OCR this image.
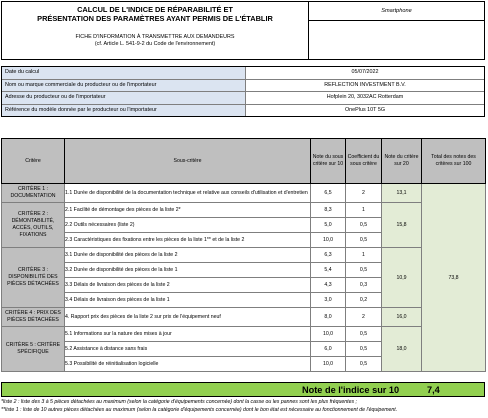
CALCUL DE L'INDICE DE RÉPARABILITÉ ET
PRÉSENTATION DES PARAMÈTRES AYANT PERMIS DE L'ÉTABLIR
FICHE D'INFORMATION À TRANSMETTRE AUX DEMANDEURS
(cf. Article L. 541-9-2 du Code de l'environnement)
Smartphone
Date du calcul	05/07/2022
Nom ou marque commerciale du producteur ou de l'importateur	REFLECTION INVESTMENT B.V.
Adresse du producteur ou de l'importateur	Hofplein 20, 3032AC Rotterdam
Référence du modèle donnée par le producteur ou l'importateur	OnePlus 10T 5G
Critère	Sous-critère	Note du sous critère sur 10	Coefficient du sous critère	Note du critère sur 20	Total des notes des critères sur 100
CRITÈRE 1 : DOCUMENTATION	1.1 Durée de disponibilité de la documentation technique et relative aux conseils d'utilisation et d'entretien	6,5	2	13,1	73,8
CRITÈRE 2 : DÉMONTABILITÉ, ACCÈS, OUTILS, FIXATIONS	2.1 Facilité de démontage des pièces de la liste 2*	8,3	1	15,8	
	2.2 Outils nécessaires (liste 2)	5,0	0,5		
	2.3 Caractéristiques des fixations entre les pièces de la liste 1** et de la liste 2	10,0	0,5		
CRITÈRE 3 : DISPONIBILITÉ DES PIÈCES DÉTACHÉES	3.1 Durée de disponibilité des pièces de la liste 2	6,3	1	10,9	
	3.2 Durée de disponibilité des pièces de la liste 1	5,4	0,5		
	3.3 Délais de livraison des pièces de la liste 2	4,3	0,3		
	3.4 Délais de livraison des pièces de la liste 1	3,0	0,2		
CRITÈRE 4 : PRIX DES PIÈCES DÉTACHÉES	4. Rapport prix des pièces de la liste 2 sur prix de l'équipement neuf	8,0	2	16,0	
CRITÈRE 5 : CRITÈRE SPÉCIFIQUE	5.1 Informations sur la nature des mises à jour	10,0	0,5	18,0	
	5.2 Assistance à distance sans frais	6,0	0,5		
	5.3 Possibilité de réinitialisation logicielle	10,0	0,5		
Note de l'indice sur 10	7,4
*liste 2 : liste des 3 à 5 pièces détachées au maximum (selon la catégorie d'équipements concernée) dont la casse ou les pannes sont les plus fréquentes ;
**liste 1 : liste de 10 autres pièces détachées au maximum (selon la catégorie d'équipements concernée) dont le bon état est nécessaire au fonctionnement de l'équipement.
